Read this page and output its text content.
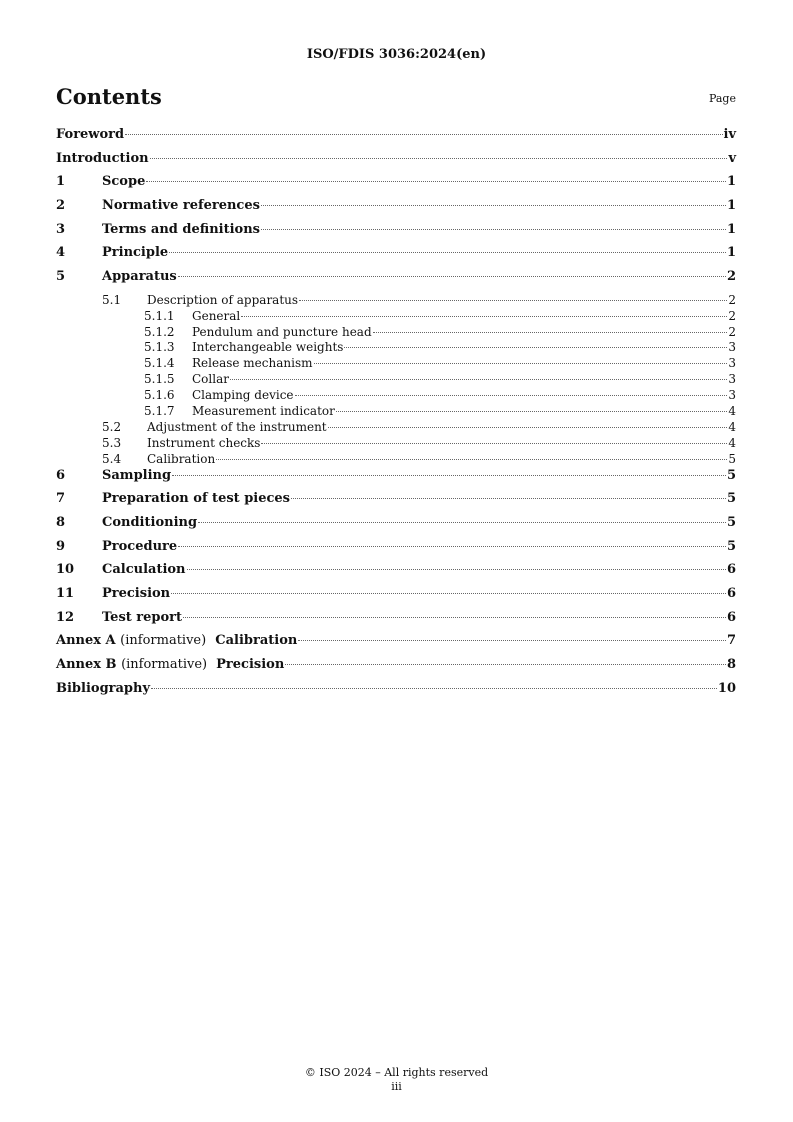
ISO/FDIS 3036:2024(en)
Contents	Page
Foreword	iv
Introduction	v
1	Scope	1
2	Normative references	1
3	Terms and definitions	1
4	Principle	1
5	Apparatus	2
5.1	Description of apparatus	2
5.1.1	General	2
5.1.2	Pendulum and puncture head	2
5.1.3	Interchangeable weights	3
5.1.4	Release mechanism	3
5.1.5	Collar	3
5.1.6	Clamping device	3
5.1.7	Measurement indicator	4
5.2	Adjustment of the instrument	4
5.3	Instrument checks	4
5.4	Calibration	5
6	Sampling	5
7	Preparation of test pieces	5
8	Conditioning	5
9	Procedure	5
10	Calculation	6
11	Precision	6
12	Test report	6
Annex A (informative) Calibration	7
Annex B (informative) Precision	8
Bibliography	10
© ISO 2024 – All rights reserved
iii
